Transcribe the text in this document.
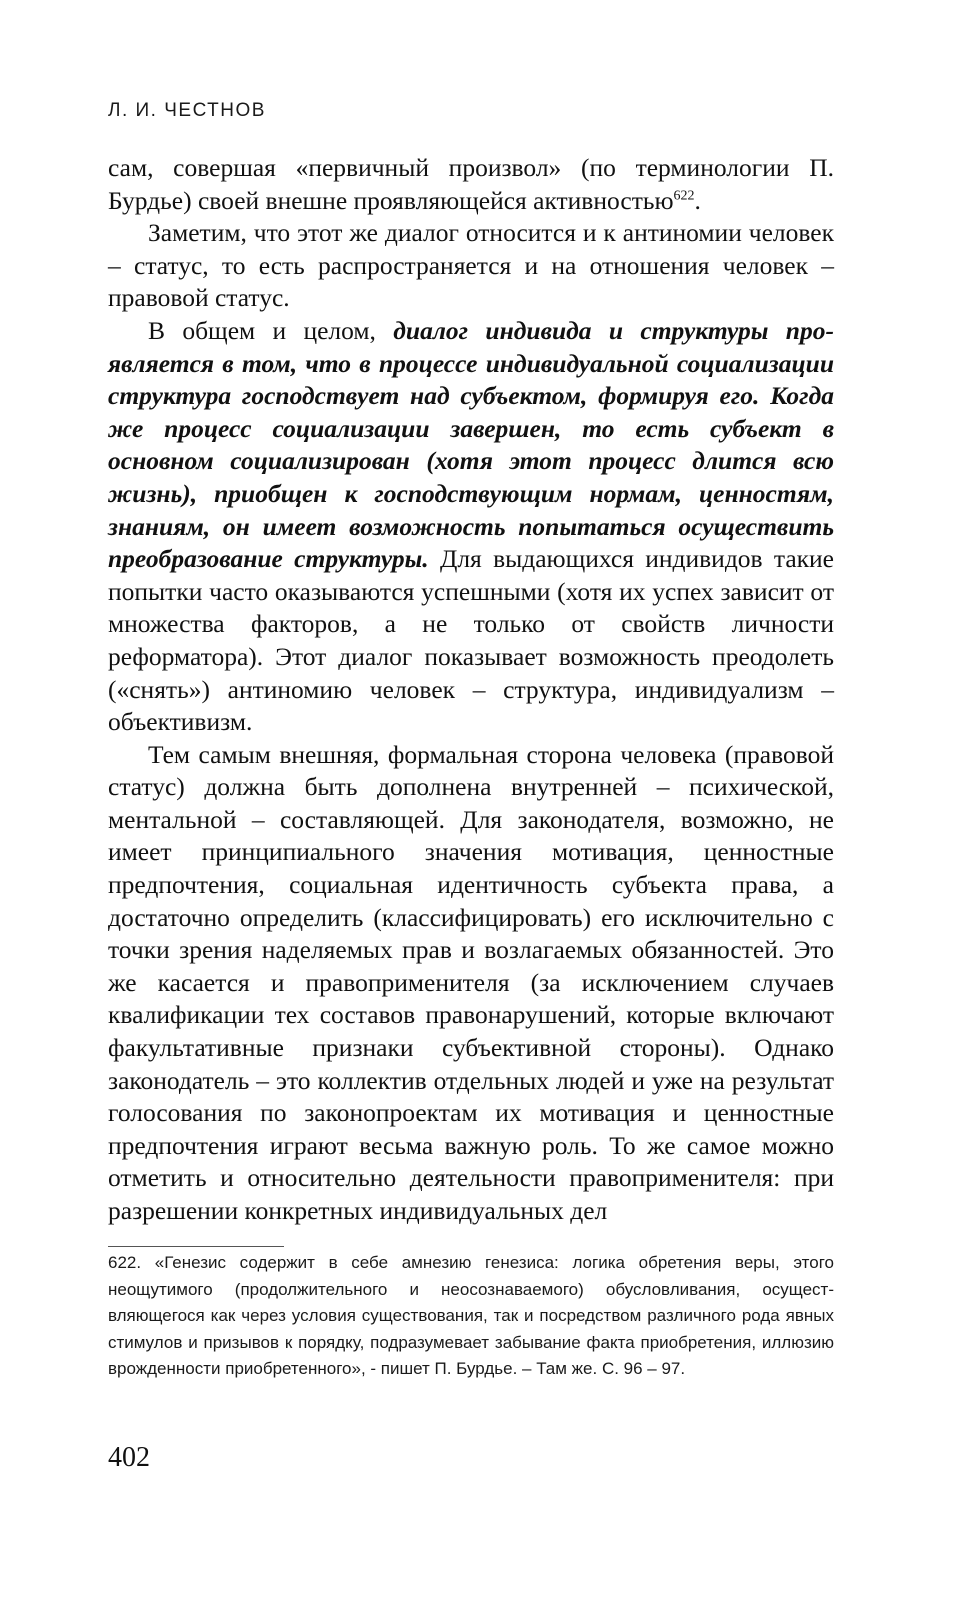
Л. И. ЧЕСТНОВ

сам, совершая «первичный произвол» (по терминологии П. Бурдье) своей внешне проявляющейся активностью$^{622}$.

Заметим, что этот же диалог относится и к антиномии человек – статус, то есть распространяется и на отношения человек – правовой статус.

В общем и целом, диалог индивида и структуры проявляется в том, что в процессе индивидуальной социализации структура господствует над субъектом, формируя его. Когда же процесс социализации завершен, то есть субъект в основном социализирован (хотя этот процесс длится всю жизнь), приобщен к господствующим нормам, ценностям, знаниям, он имеет возможность попытаться осуществить преобразование структуры. Для выдающихся индивидов такие попытки часто оказываются успешными (хотя их успех зависит от множества факторов, а не только от свойств личности реформатора). Этот диалог показывает возможность преодолеть («снять») антиномию человек – структура, индивидуализм – объективизм.

Тем самым внешняя, формальная сторона человека (правовой статус) должна быть дополнена внутренней – психической, ментальной – составляющей. Для законодателя, возможно, не имеет принципиального значения мотивация, ценностные предпочтения, социальная идентичность субъекта права, а достаточно определить (классифицировать) его исключительно с точки зрения наделяемых прав и возлагаемых обязанностей. Это же касается и правоприменителя (за исключением случаев квалификации тех составов правонарушений, которые включают факультативные признаки субъективной стороны). Однако законодатель – это коллектив отдельных людей и уже на результат голосования по законопроектам их мотивация и ценностные предпочтения играют весьма важную роль. То же самое можно отметить и относительно деятельности правоприменителя: при разрешении конкретных индивидуальных дел

622. «Генезис содержит в себе амнезию генезиса: логика обретения веры, этого неощутимого (продолжительного и неосознаваемого) обусловливания, осуществляющегося как через условия существования, так и посредством различного рода явных стимулов и призывов к порядку, подразумевает забывание факта приобретения, иллюзию врожденности приобретенного», - пишет П. Бурдье. – Там же. С. 96 – 97.

402
